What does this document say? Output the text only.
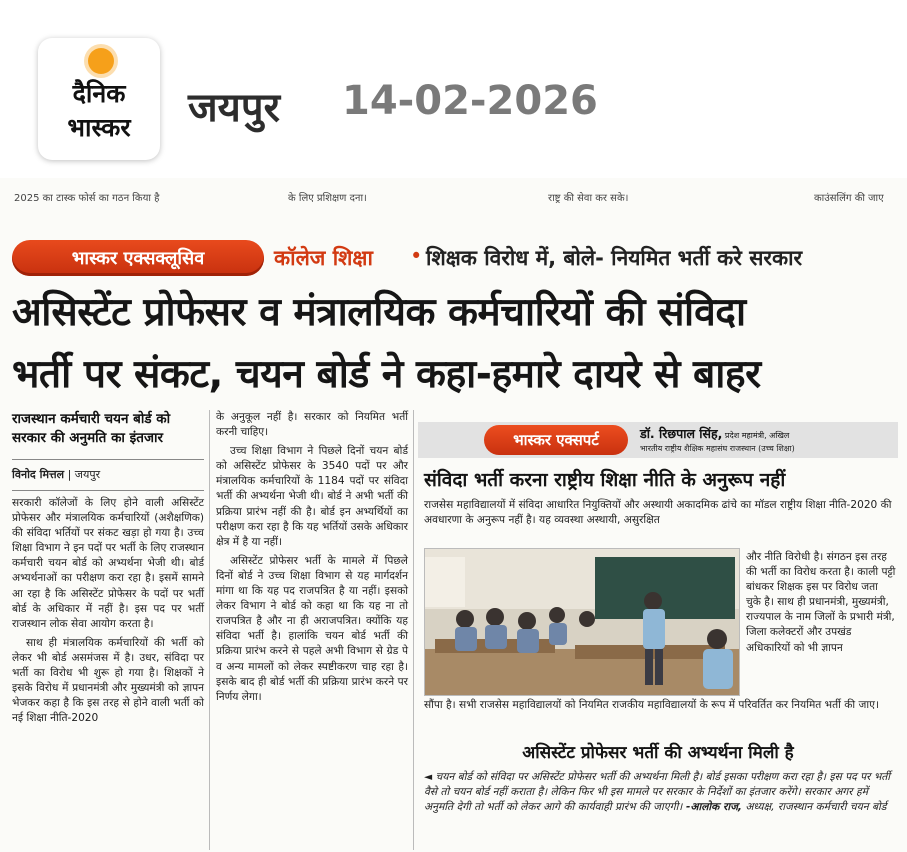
दैनिक
भास्कर	जयपुर 14-02-2026
2025 का टास्क फोर्स का गठन किया है	के लिए प्रशिक्षण दना।	राष्ट्र की सेवा कर सके।	काउंसलिंग की जाए
भास्कर एक्सक्लूसिव	कॉलेज शिक्षा • शिक्षक विरोध में, बोले- नियमित भर्ती करे सरकार
असिस्टेंट प्रोफेसर व मंत्रालयिक कर्मचारियों की संविदा
भर्ती पर संकट, चयन बोर्ड ने कहा-हमारे दायरे से बाहर
राजस्थान कर्मचारी चयन बोर्ड को सरकार की अनुमति का इंतजार
विनोद मित्तल | जयपुर

सरकारी कॉलेजों के लिए होने वाली असिस्टेंट प्रोफेसर और मंत्रालयिक कर्मचारियों (अशैक्षणिक) की संविदा भर्तियों पर संकट खड़ा हो गया है। उच्च शिक्षा विभाग ने इन पदों पर भर्ती के लिए राजस्थान कर्मचारी चयन बोर्ड को अभ्यर्थना भेजी थी। बोर्ड अभ्यर्थनाओं का परीक्षण करा रहा है। इसमें सामने आ रहा है कि असिस्टेंट प्रोफेसर के पदों पर भर्ती बोर्ड के अधिकार में नहीं है। इस पद पर भर्ती राजस्थान लोक सेवा आयोग करता है।

साथ ही मंत्रालयिक कर्मचारियों की भर्ती को लेकर भी बोर्ड असमंजस में है। उधर, संविदा पर भर्ती का विरोध भी शुरू हो गया है। शिक्षकों ने इसके विरोध में प्रधानमंत्री और मुख्यमंत्री को ज्ञापन भेजकर कहा है कि इस तरह से होने वाली भर्ती को नई शिक्षा नीति-2020

के अनुकूल नहीं है। सरकार को नियमित भर्ती करनी चाहिए।

उच्च शिक्षा विभाग ने पिछले दिनों चयन बोर्ड को असिस्टेंट प्रोफेसर के 3540 पदों पर और मंत्रालयिक कर्मचारियों के 1184 पदों पर संविदा भर्ती की अभ्यर्थना भेजी थी। बोर्ड ने अभी भर्ती की प्रक्रिया प्रारंभ नहीं की है। बोर्ड इन अभ्यर्थियों का परीक्षण करा रहा है कि यह भर्तियों उसके अधिकार क्षेत्र में है या नहीं।

असिस्टेंट प्रोफेसर भर्ती के मामले में पिछले दिनों बोर्ड ने उच्च शिक्षा विभाग से यह मार्गदर्शन मांगा था कि यह पद राजपत्रित है या नहीं। इसको लेकर विभाग ने बोर्ड को कहा था कि यह ना तो राजपत्रित है और ना ही अराजपत्रित। क्योंकि यह संविदा भर्ती है। हालांकि चयन बोर्ड भर्ती की प्रक्रिया प्रारंभ करने से पहले अभी विभाग से ग्रेड पे व अन्य मामलों को लेकर स्पष्टीकरण चाह रहा है। इसके बाद ही बोर्ड भर्ती की प्रक्रिया प्रारंभ करने पर निर्णय लेगा।

भास्कर एक्सपर्ट	डॉ. रिछपाल सिंह, प्रदेश महामंत्री, अखिल
भारतीय राष्ट्रीय शैक्षिक महासंघ राजस्थान (उच्च शिक्षा)
संविदा भर्ती करना राष्ट्रीय शिक्षा नीति के अनुरूप नहीं
राजसेस महाविद्यालयों में संविदा आधारित नियुक्तियों और अस्थायी अकादमिक ढांचे का मॉडल राष्ट्रीय शिक्षा नीति-2020 की अवधारणा के अनुरूप नहीं है। यह व्यवस्था अस्थायी, असुरक्षित
और नीति विरोधी है। संगठन इस तरह की भर्ती का विरोध करता है। काली पट्टी बांधकर शिक्षक इस पर विरोध जता चुके है। साथ ही प्रधानमंत्री, मुख्यमंत्री, राज्यपाल के नाम जिलों के प्रभारी मंत्री, जिला कलेक्टरों और उपखंड अधिकारियों को भी ज्ञापन
सौंपा है। सभी राजसेस महाविद्यालयों को नियमित राजकीय महाविद्यालयों के रूप में परिवर्तित कर नियमित भर्ती की जाए।
असिस्टेंट प्रोफेसर भर्ती की अभ्यर्थना मिली है
◄ चयन बोर्ड को संविदा पर असिस्टेंट प्रोफेसर भर्ती की अभ्यर्थना मिली है। बोर्ड इसका परीक्षण करा रहा है। इस पद पर भर्ती वैसे तो चयन बोर्ड नहीं कराता है। लेकिन फिर भी इस मामले पर सरकार के निर्देशों का इंतजार करेंगे। सरकार अगर हमें अनुमति देगी तो भर्ती को लेकर आगे की कार्यवाही प्रारंभ की जाएगी। -आलोक राज, अध्यक्ष, राजस्थान कर्मचारी चयन बोर्ड
